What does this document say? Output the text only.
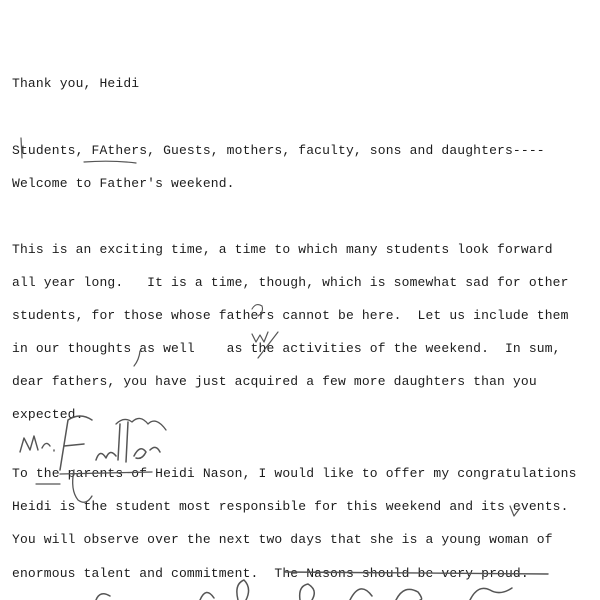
Thank you, Heidi

Students, FAthers, Guests, mothers, faculty, sons and daughters----

Welcome to Father's weekend.

This is an exciting time, a time to which many students look forward

all year long.   It is a time, though, which is somewhat sad for other

students, for those whose fathers cannot be here.  Let us include them

in our thoughts as well    as the activities of the weekend.  In sum,

dear fathers, you have just acquired a few more daughters than you

expected.

To the parents of Heidi Nason, I would like to offer my congratulations

Heidi is the student most responsible for this weekend and its events.

You will observe over the next two days that she is a young woman of

enormous talent and commitment.  The Nasons should be very proud.
